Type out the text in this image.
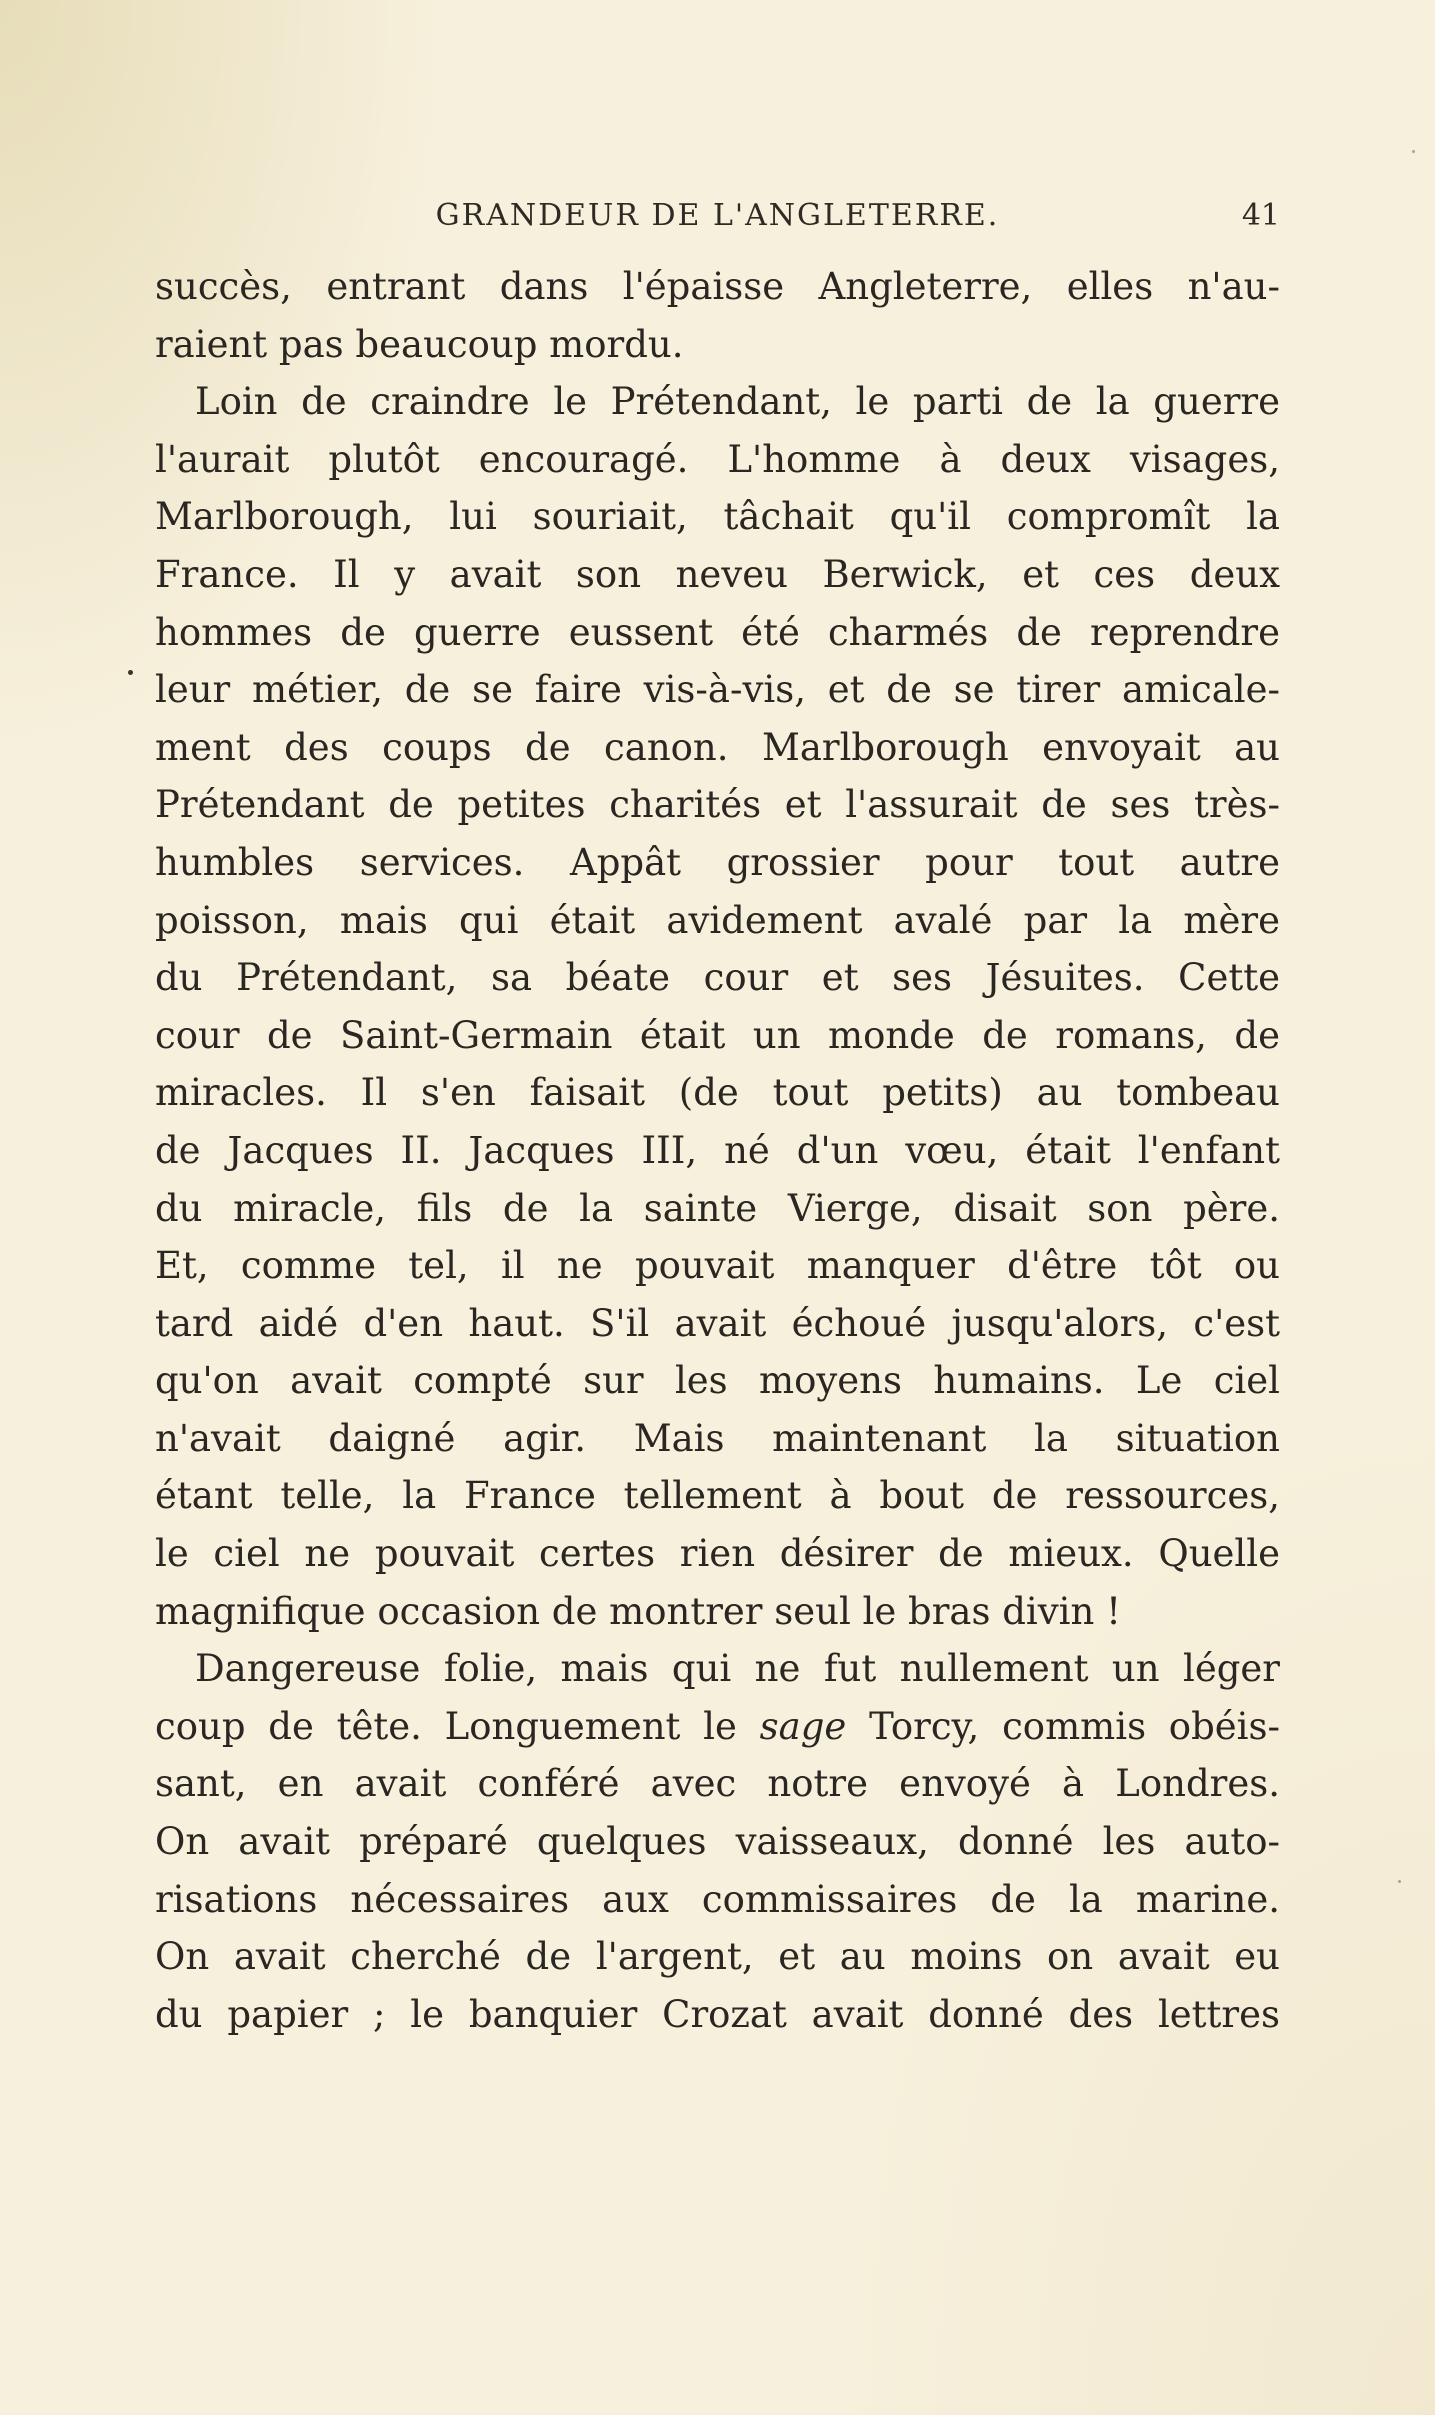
GRANDEUR DE L'ANGLETERRE.	41
succès, entrant dans l'épaisse Angleterre, elles n'au-
raient pas beaucoup mordu.
Loin de craindre le Prétendant, le parti de la guerre
l'aurait plutôt encouragé. L'homme à deux visages,
Marlborough, lui souriait, tâchait qu'il compromît la
France. Il y avait son neveu Berwick, et ces deux
hommes de guerre eussent été charmés de reprendre
leur métier, de se faire vis-à-vis, et de se tirer amicale-
ment des coups de canon. Marlborough envoyait au
Prétendant de petites charités et l'assurait de ses très-
humbles services. Appât grossier pour tout autre
poisson, mais qui était avidement avalé par la mère
du Prétendant, sa béate cour et ses Jésuites. Cette
cour de Saint-Germain était un monde de romans, de
miracles. Il s'en faisait (de tout petits) au tombeau
de Jacques II. Jacques III, né d'un vœu, était l'enfant
du miracle, fils de la sainte Vierge, disait son père.
Et, comme tel, il ne pouvait manquer d'être tôt ou
tard aidé d'en haut. S'il avait échoué jusqu'alors, c'est
qu'on avait compté sur les moyens humains. Le ciel
n'avait daigné agir. Mais maintenant la situation
étant telle, la France tellement à bout de ressources,
le ciel ne pouvait certes rien désirer de mieux. Quelle
magnifique occasion de montrer seul le bras divin !
Dangereuse folie, mais qui ne fut nullement un léger
coup de tête. Longuement le sage Torcy, commis obéis-
sant, en avait conféré avec notre envoyé à Londres.
On avait préparé quelques vaisseaux, donné les auto-
risations nécessaires aux commissaires de la marine.
On avait cherché de l'argent, et au moins on avait eu
du papier ; le banquier Crozat avait donné des lettres
